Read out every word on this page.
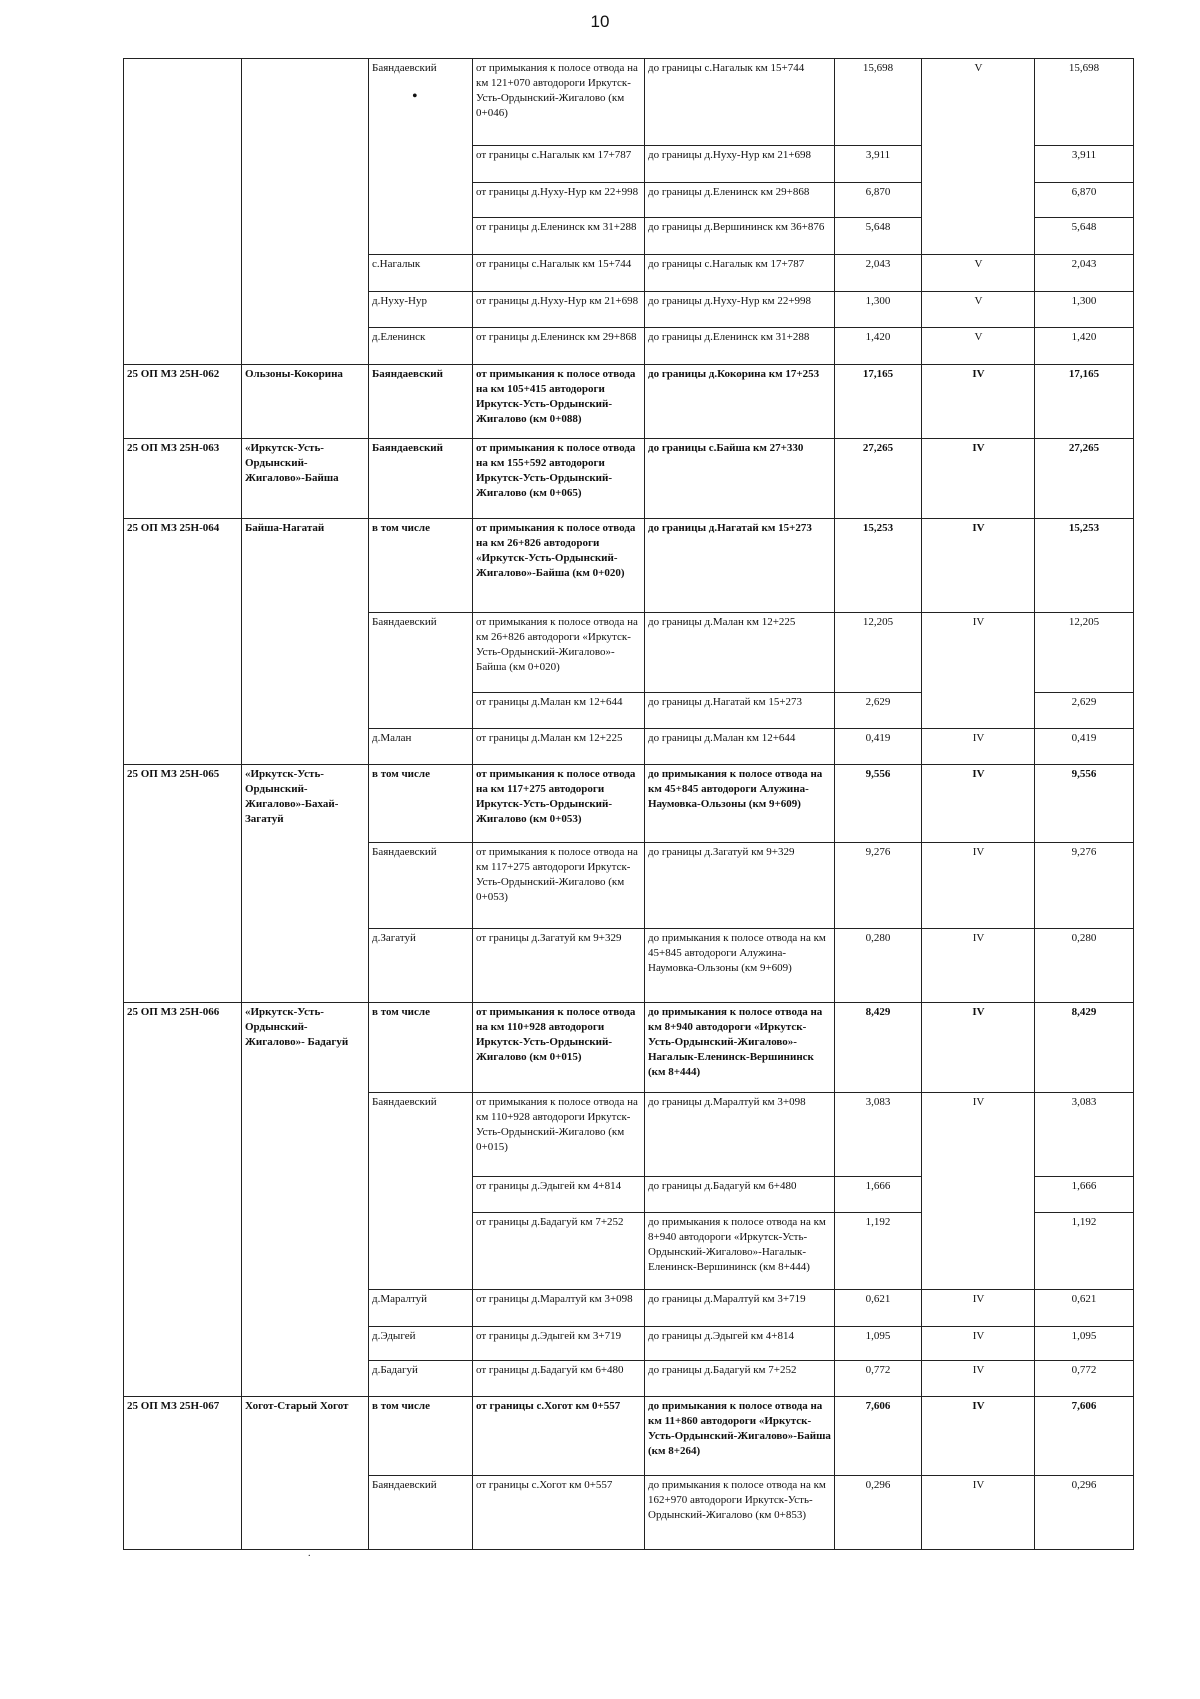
10
•
.
		Баяндаевский	от примыкания к полосе отвода на км 121+070 автодороги Иркутск-Усть-Ордынский-Жигалово (км 0+046)	до границы с.Нагалык км 15+744	15,698	V	15,698
			от границы с.Нагалык км 17+787	до границы д.Нуху-Нур км 21+698	3,911		3,911
			от границы д.Нуху-Нур км 22+998	до границы д.Еленинск км 29+868	6,870		6,870
			от границы д.Еленинск км 31+288	до границы д.Вершининск км 36+876	5,648		5,648
		с.Нагалык	от границы с.Нагалык км 15+744	до границы с.Нагалык км 17+787	2,043	V	2,043
		д.Нуху-Нур	от границы д.Нуху-Нур км 21+698	до границы д.Нуху-Нур км 22+998	1,300	V	1,300
		д.Еленинск	от границы д.Еленинск км 29+868	до границы д.Еленинск км 31+288	1,420	V	1,420
25 ОП МЗ 25Н-062	Ользоны-Кокорина	Баяндаевский	от примыкания к полосе отвода на км 105+415 автодороги Иркутск-Усть-Ордынский-Жигалово (км 0+088)	до границы д.Кокорина км 17+253	17,165	IV	17,165
25 ОП МЗ 25Н-063	«Иркутск-Усть-Ордынский-Жигалово»-Байша	Баяндаевский	от примыкания к полосе отвода на км 155+592 автодороги Иркутск-Усть-Ордынский-Жигалово (км 0+065)	до границы с.Байша км 27+330	27,265	IV	27,265
25 ОП МЗ 25Н-064	Байша-Нагатай	в том числе	от примыкания к полосе отвода на км 26+826 автодороги «Иркутск-Усть-Ордынский-Жигалово»-Байша (км 0+020)	до границы д.Нагатай км 15+273	15,253	IV	15,253
		Баяндаевский	от примыкания к полосе отвода на км 26+826 автодороги «Иркутск-Усть-Ордынский-Жигалово»-Байша (км 0+020)	до границы д.Малан км 12+225	12,205	IV	12,205
			от границы д.Малан км 12+644	до границы д.Нагатай км 15+273	2,629		2,629
		д.Малан	от границы д.Малан км 12+225	до границы д.Малан км 12+644	0,419	IV	0,419
25 ОП МЗ 25Н-065	«Иркутск-Усть-Ордынский-Жигалово»-Бахай-Загатуй	в том числе	от примыкания к полосе отвода на км 117+275 автодороги Иркутск-Усть-Ордынский-Жигалово (км 0+053)	до примыкания к полосе отвода на км 45+845 автодороги Алужина-Наумовка-Ользоны (км 9+609)	9,556	IV	9,556
		Баяндаевский	от примыкания к полосе отвода на км 117+275 автодороги Иркутск-Усть-Ордынский-Жигалово (км 0+053)	до границы д.Загатуй км 9+329	9,276	IV	9,276
		д.Загатуй	от границы д.Загатуй км 9+329	до примыкания к полосе отвода на км 45+845 автодороги Алужина-Наумовка-Ользоны (км 9+609)	0,280	IV	0,280
25 ОП МЗ 25Н-066	«Иркутск-Усть-Ордынский-Жигалово»- Бадагуй	в том числе	от примыкания к полосе отвода на км 110+928 автодороги Иркутск-Усть-Ордынский-Жигалово (км 0+015)	до примыкания к полосе отвода на км 8+940 автодороги «Иркутск-Усть-Ордынский-Жигалово»-Нагалык-Еленинск-Вершининск (км 8+444)	8,429	IV	8,429
		Баяндаевский	от примыкания к полосе отвода на км 110+928 автодороги Иркутск-Усть-Ордынский-Жигалово (км 0+015)	до границы д.Маралтуй км 3+098	3,083	IV	3,083
			от границы д.Эдыгей км 4+814	до границы д.Бадагуй км 6+480	1,666		1,666
			от границы д.Бадагуй км 7+252	до примыкания к полосе отвода на км 8+940 автодороги «Иркутск-Усть-Ордынский-Жигалово»-Нагалык-Еленинск-Вершининск (км 8+444)	1,192		1,192
		д.Маралтуй	от границы д.Маралтуй км 3+098	до границы д.Маралтуй км 3+719	0,621	IV	0,621
		д.Эдыгей	от границы д.Эдыгей км 3+719	до границы д.Эдыгей км 4+814	1,095	IV	1,095
		д.Бадагуй	от границы д.Бадагуй км 6+480	до границы д.Бадагуй км 7+252	0,772	IV	0,772
25 ОП МЗ 25Н-067	Хогот-Старый Хогот	в том числе	от границы с.Хогот км 0+557	до примыкания к полосе отвода на км 11+860 автодороги «Иркутск-Усть-Ордынский-Жигалово»-Байша (км 8+264)	7,606	IV	7,606
		Баяндаевский	от границы с.Хогот км 0+557	до примыкания к полосе отвода на км 162+970 автодороги Иркутск-Усть-Ордынский-Жигалово (км 0+853)	0,296	IV	0,296
